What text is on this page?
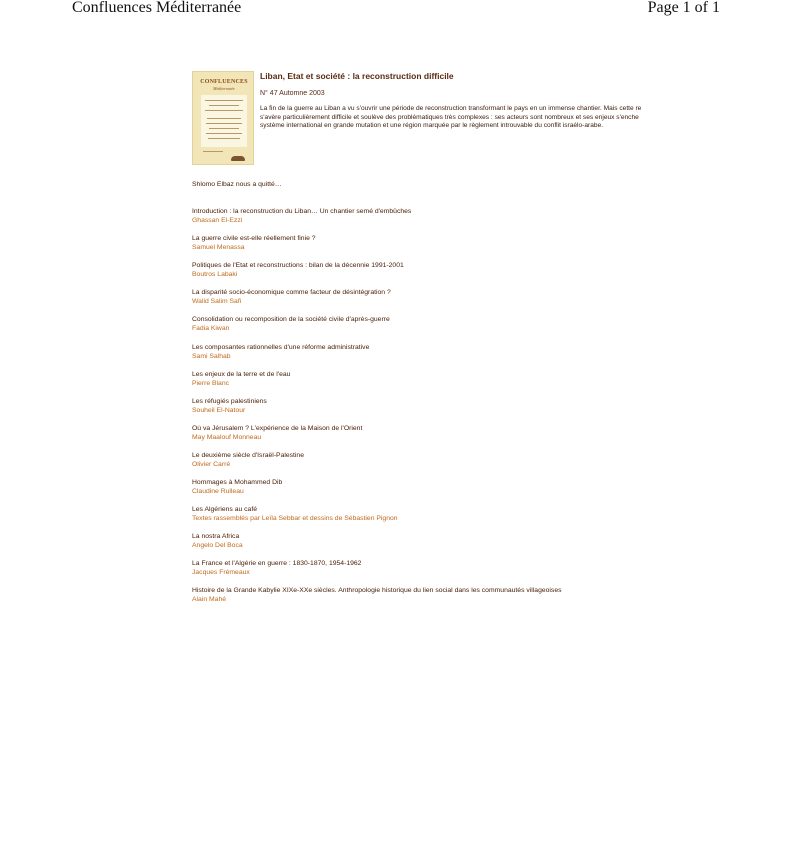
Confluences Méditerranée	Page 1 of 1
CONFLUENCES
Méditerranée
Liban, Etat et société : la reconstruction difficile
N° 47 Automne 2003
La fin de la guerre au Liban a vu s'ouvrir une période de reconstruction transformant le pays en un immense chantier. Mais cette re
s'avère particulièrement difficile et soulève des problématiques très complexes : ses acteurs sont nombreux et ses enjeux s'enche
système international en grande mutation et une région marquée par le règlement introuvable du conflit israélo-arabe.
Shlomo Elbaz nous a quitté…
Introduction : la reconstruction du Liban… Un chantier semé d'embûches
Ghassan El-Ezzi
La guerre civile est-elle réellement finie ?
Samuel Menassa
Politiques de l'Etat et reconstructions : bilan de la décennie 1991-2001
Boutros Labaki
La disparité socio-économique comme facteur de désintégration ?
Walid Salim Safi
Consolidation ou recomposition de la société civile d'après-guerre
Fadia Kiwan
Les composantes rationnelles d'une réforme administrative
Sami Salhab
Les enjeux de la terre et de l'eau
Pierre Blanc
Les réfugiés palestiniens
Souheil El-Natour
Où va Jérusalem ? L'expérience de la Maison de l'Orient
May Maalouf Monneau
Le deuxième siècle d'Israël-Palestine
Olivier Carré
Hommages à Mohammed Dib
Claudine Rulleau
Les Algériens au café
Textes rassemblés par Leïla Sebbar et dessins de Sébastien Pignon
La nostra Africa
Angelo Del Boca
La France et l'Algérie en guerre : 1830-1870, 1954-1962
Jacques Frémeaux
Histoire de la Grande Kabylie XIXe-XXe siècles. Anthropologie historique du lien social dans les communautés villageoises
Alain Mahé
